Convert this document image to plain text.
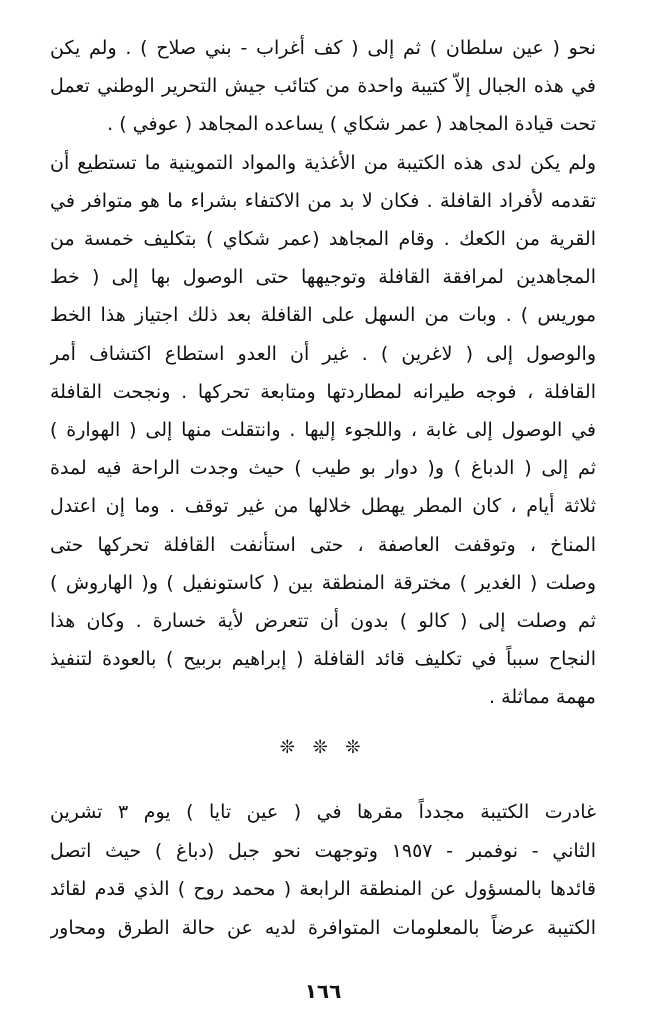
نحو ( عين سلطان ) ثم إلى ( كف أغراب - بني صلاح ) . ولم يكن
في هذه الجبال إلاّ كتيبة واحدة من كتائب جيش التحرير الوطني تعمل
تحت قيادة المجاهد ( عمر شكاي ) يساعده المجاهد ( عوفي ) .
ولم يكن لدى هذه الكتيبة من الأغذية والمواد التموينية ما تستطيع أن
تقدمه لأفراد القافلة . فكان لا بد من الاكتفاء بشراء ما هو متوافر في
القرية من الكعك . وقام المجاهد (عمر شكاي ) بتكليف خمسة من
المجاهدين لمرافقة القافلة وتوجيهها حتى الوصول بها إلى ( خط
موريس ) . وبات من السهل على القافلة بعد ذلك اجتياز هذا الخط
والوصول إلى ( لاغرين ) . غير أن العدو استطاع اكتشاف أمر
القافلة ، فوجه طيرانه لمطاردتها ومتابعة تحركها . ونجحت القافلة
في الوصول إلى غابة ، واللجوء إليها . وانتقلت منها إلى ( الهوارة )
ثم إلى ( الدباغ ) و( دوار بو طيب ) حيث وجدت الراحة فيه لمدة
ثلاثة أيام ، كان المطر يهطل خلالها من غير توقف . وما إن اعتدل
المناخ ، وتوقفت العاصفة ، حتى استأنفت القافلة تحركها حتى
وصلت ( الغدير ) مخترقة المنطقة بين ( كاستونفيل ) و( الهاروش )
ثم وصلت إلى ( كالو ) بدون أن تتعرض لأية خسارة . وكان هذا
النجاح سبباً في تكليف قائد القافلة ( إبراهيم بربيح ) بالعودة لتنفيذ
مهمة مماثلة .
❊ ❊ ❊
غادرت الكتيبة مجدداً مقرها في ( عين تايا ) يوم ٣ تشرين
الثاني - نوفمبر - ١٩٥٧ وتوجهت نحو جبل (دباغ ) حيث اتصل
قائدها بالمسؤول عن المنطقة الرابعة ( محمد روح ) الذي قدم لقائد
الكتيبة عرضاً بالمعلومات المتوافرة لديه عن حالة الطرق ومحاور
١٦٦
